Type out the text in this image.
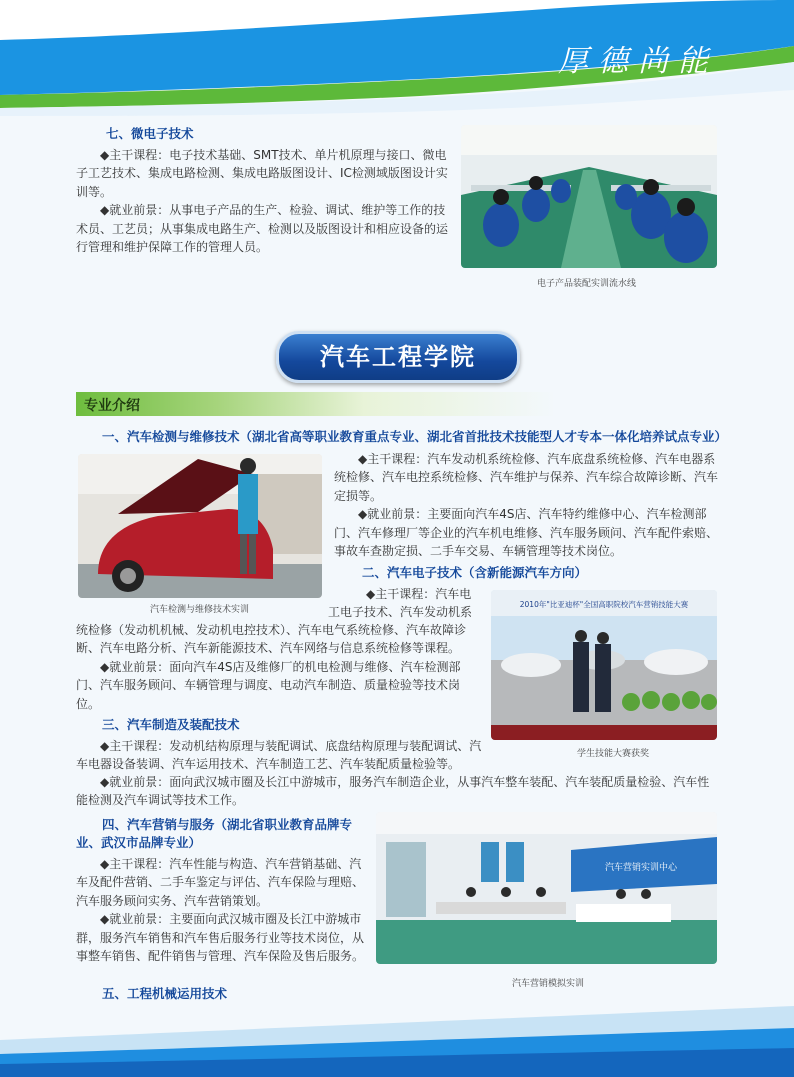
厚德尚能
七、微电子技术

◆主干课程：电子技术基础、SMT技术、单片机原理与接口、微电子工艺技术、集成电路检测、集成电路版图设计、IC检测域版图设计实训等。

◆就业前景：从事电子产品的生产、检验、调试、维护等工作的技术员、工艺员；从事集成电路生产、检测以及版图设计和相应设备的运行管理和维护保障工作的管理人员。

电子产品装配实训流水线
汽车工程学院
专业介绍
一、汽车检测与维修技术（湖北省高等职业教育重点专业、湖北省首批技术技能型人才专本一体化培养试点专业）
汽车检测与维修技术实训

◆主干课程：汽车发动机系统检修、汽车底盘系统检修、汽车电器系统检修、汽车电控系统检修、汽车维护与保养、汽车综合故障诊断、汽车定损等。

◆就业前景：主要面向汽车4S店、汽车特约维修中心、汽车检测部门、汽车修理厂等企业的汽车机电维修、汽车服务顾问、汽车配件索赔、事故车查勘定损、二手车交易、车辆管理等技术岗位。

二、汽车电子技术（含新能源汽车方向）
◆主干课程：汽车电
工电子技术、汽车发动机系

统检修（发动机机械、发动机电控技术）、汽车电气系统检修、汽车故障诊断、汽车电路分析、汽车新能源技术、汽车网络与信息系统检修等课程。

◆就业前景：面向汽车4S店及维修厂的机电检测与维修、汽车检测部门、汽车服务顾问、车辆管理与调度、电动汽车制造、质量检验等技术岗位。

2010年"比亚迪杯"全国高职院校汽车营销技能大赛
学生技能大赛获奖
三、汽车制造及装配技术

◆主干课程：发动机结构原理与装配调试、底盘结构原理与装配调试、汽车电器设备装调、汽车运用技术、汽车制造工艺、汽车装配质量检验等。

◆就业前景：面向武汉城市圈及长江中游城市，服务汽车制造企业，从事汽车整车装配、汽车装配质量检验、汽车性能检测及汽车调试等技术工作。

四、汽车营销与服务（湖北省职业教育品牌专
业、武汉市品牌专业）

◆主干课程：汽车性能与构造、汽车营销基础、汽车及配件营销、二手车鉴定与评估、汽车保险与理赔、汽车服务顾问实务、汽车营销策划。

◆就业前景：主要面向武汉城市圈及长江中游城市群，服务汽车销售和汽车售后服务行业等技术岗位，从事整车销售、配件销售与管理、汽车保险及售后服务。

汽车营销实训中心
汽车营销模拟实训
五、工程机械运用技术
